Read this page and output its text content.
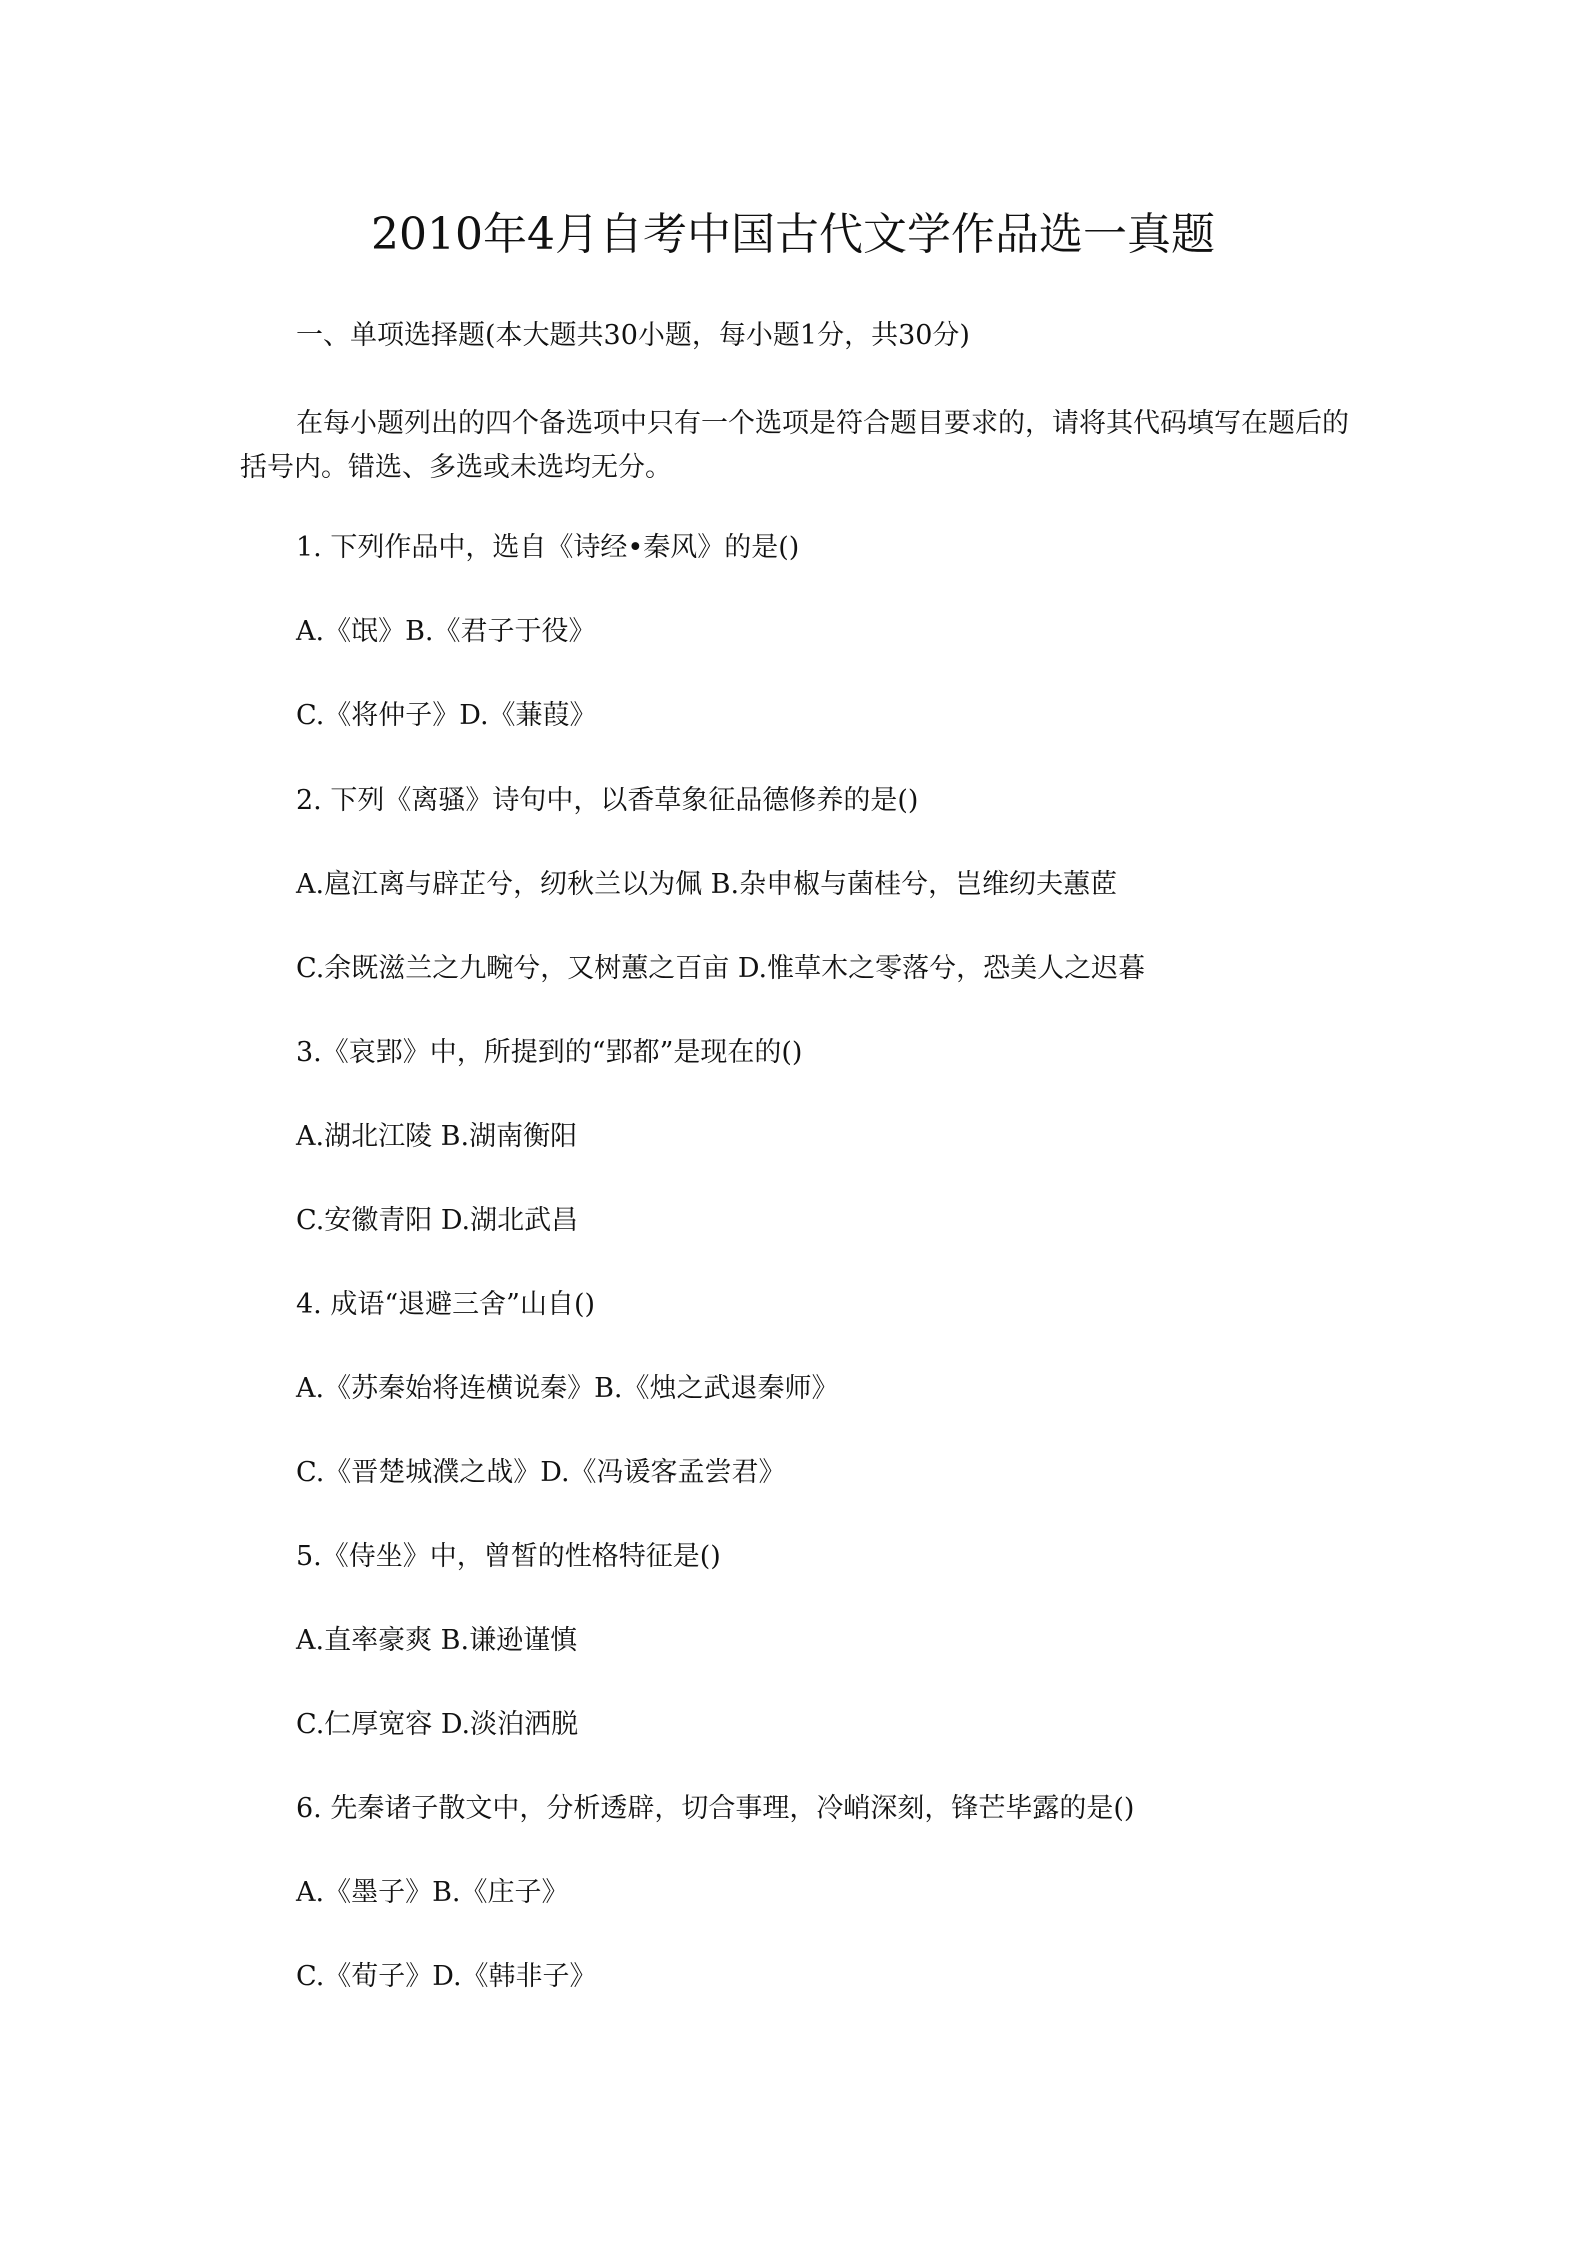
2010年4月自考中国古代文学作品选一真题
一、单项选择题(本大题共30小题，每小题1分，共30分)
在每小题列出的四个备选项中只有一个选项是符合题目要求的，请将其代码填写在题后的括号内。错选、多选或未选均无分。
1. 下列作品中，选自《诗经•秦风》的是()
A.《氓》B.《君子于役》
C.《将仲子》D.《蒹葭》
2. 下列《离骚》诗句中，以香草象征品德修养的是()
A.扈江离与辟芷兮，纫秋兰以为佩 B.杂申椒与菌桂兮，岂维纫夫蕙茝
C.余既滋兰之九畹兮，又树蕙之百亩 D.惟草木之零落兮，恐美人之迟暮
3.《哀郢》中，所提到的“郢都”是现在的()
A.湖北江陵 B.湖南衡阳
C.安徽青阳 D.湖北武昌
4. 成语“退避三舍”山自()
A.《苏秦始将连横说秦》B.《烛之武退秦师》
C.《晋楚城濮之战》D.《冯谖客孟尝君》
5.《侍坐》中，曾皙的性格特征是()
A.直率豪爽 B.谦逊谨慎
C.仁厚宽容 D.淡泊洒脱
6. 先秦诸子散文中，分析透辟，切合事理，冷峭深刻，锋芒毕露的是()
A.《墨子》B.《庄子》
C.《荀子》D.《韩非子》
